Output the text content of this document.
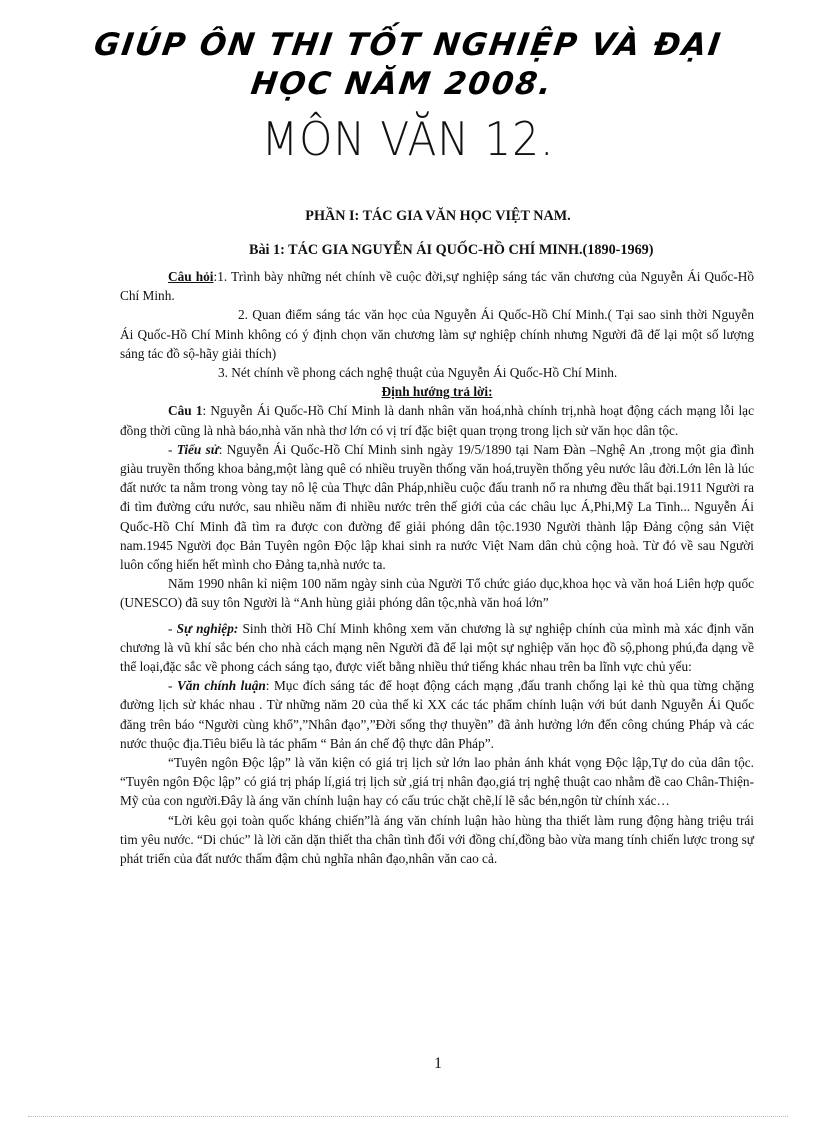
GIÚP ÔN THI TỐT NGHIỆP VÀ ĐẠI
HỌC NĂM 2008.
MÔN VĂN 12.
PHẦN I: TÁC GIA VĂN HỌC VIỆT NAM.
Bài 1: TÁC GIA NGUYỄN ÁI QUỐC-HỒ CHÍ MINH.(1890-1969)

Câu hỏi:1. Trình bày những nét chính về cuộc đời,sự nghiệp sáng tác văn chương của Nguyễn Ái Quốc-Hồ Chí Minh.

2. Quan điểm sáng tác văn học của Nguyễn Ái Quốc-Hồ Chí Minh.( Tại sao sinh thời Nguyễn Ái Quốc-Hồ Chí Minh không có ý định chọn văn chương làm sự nghiệp chính nhưng Người đã để lại một số lượng sáng tác đồ sộ-hãy giải thích)

3. Nét chính về phong cách nghệ thuật của Nguyễn Ái Quốc-Hồ Chí Minh.

Định hướng trả lời:

Câu 1: Nguyễn Ái Quốc-Hồ Chí Minh là danh nhân văn hoá,nhà chính trị,nhà hoạt động cách mạng lỗi lạc đồng thời cũng là nhà báo,nhà văn nhà thơ lớn có vị trí đặc biệt quan trọng trong lịch sử văn học dân tộc.

- Tiểu sử: Nguyễn Ái Quốc-Hồ Chí Minh sinh ngày 19/5/1890 tại Nam Đàn –Nghệ An ,trong một gia đình giàu truyền thống khoa bảng,một làng quê có nhiều truyền thống văn hoá,truyền thống yêu nước lâu đời.Lớn lên là lúc đất nước ta nằm trong vòng tay nô lệ của Thực dân Pháp,nhiều cuộc đấu tranh nổ ra nhưng đều thất bại.1911 Người ra đi tìm đường cứu nước, sau nhiều năm đi nhiều nước trên thế giới của các châu lục Á,Phi,Mỹ La Tinh... Nguyễn Ái Quốc-Hồ Chí Minh đã tìm ra được con đường để giải phóng dân tộc.1930 Người thành lập Đảng cộng sản Việt nam.1945 Người đọc Bản Tuyên ngôn Độc lập khai sinh ra nước Việt Nam dân chủ cộng hoà. Từ đó về sau Người luôn cống hiến hết mình cho Đảng ta,nhà nước ta.

Năm 1990 nhân kỉ niệm 100 năm ngày sinh của Người Tổ chức giáo dục,khoa học và văn hoá Liên hợp quốc (UNESCO) đã suy tôn Người là “Anh hùng giải phóng dân tộc,nhà văn hoá lớn”

- Sự nghiệp: Sinh thời Hồ Chí Minh không xem văn chương là sự nghiệp chính của mình mà xác định văn chương là vũ khí sắc bén cho nhà cách mạng nên Người đã để lại một sự nghiệp văn học đồ sộ,phong phú,đa dạng về thể loại,đặc sắc về phong cách sáng tạo, được viết bằng nhiều thứ tiếng khác nhau trên ba lĩnh vực chủ yếu:

- Văn chính luận: Mục đích sáng tác để hoạt động cách mạng ,đấu tranh chống lại kẻ thù qua từng chặng đường lịch sử khác nhau . Từ những năm 20 của thế kỉ XX các tác phẩm chính luận với bút danh Nguyễn Ái Quốc đăng trên báo “Người cùng khổ”,”Nhân đạo”,”Đời sống thợ thuyền” đã ảnh hưởng lớn đến công chúng Pháp và các nước thuộc địa.Tiêu biểu là tác phẩm “ Bản án chế độ thực dân Pháp”.

“Tuyên ngôn Độc lập” là văn kiện có giá trị lịch sử lớn lao phản ánh khát vọng Độc lập,Tự do của dân tộc. “Tuyên ngôn Độc lập” có giá trị pháp lí,giá trị lịch sử ,giá trị nhân đạo,giá trị nghệ thuật cao nhằm đề cao Chân-Thiện-Mỹ của con người.Đây là áng văn chính luận hay có cấu trúc chặt chẽ,lí lẽ sắc bén,ngôn từ chính xác…

“Lời kêu gọi toàn quốc kháng chiến”là áng văn chính luận hào hùng tha thiết làm rung động hàng triệu trái tim yêu nước. “Di chúc” là lời căn dặn thiết tha chân tình đối với đồng chí,đồng bào vừa mang tính chiến lược trong sự phát triển của đất nước thấm đậm chủ nghĩa nhân đạo,nhân văn cao cả.

1
